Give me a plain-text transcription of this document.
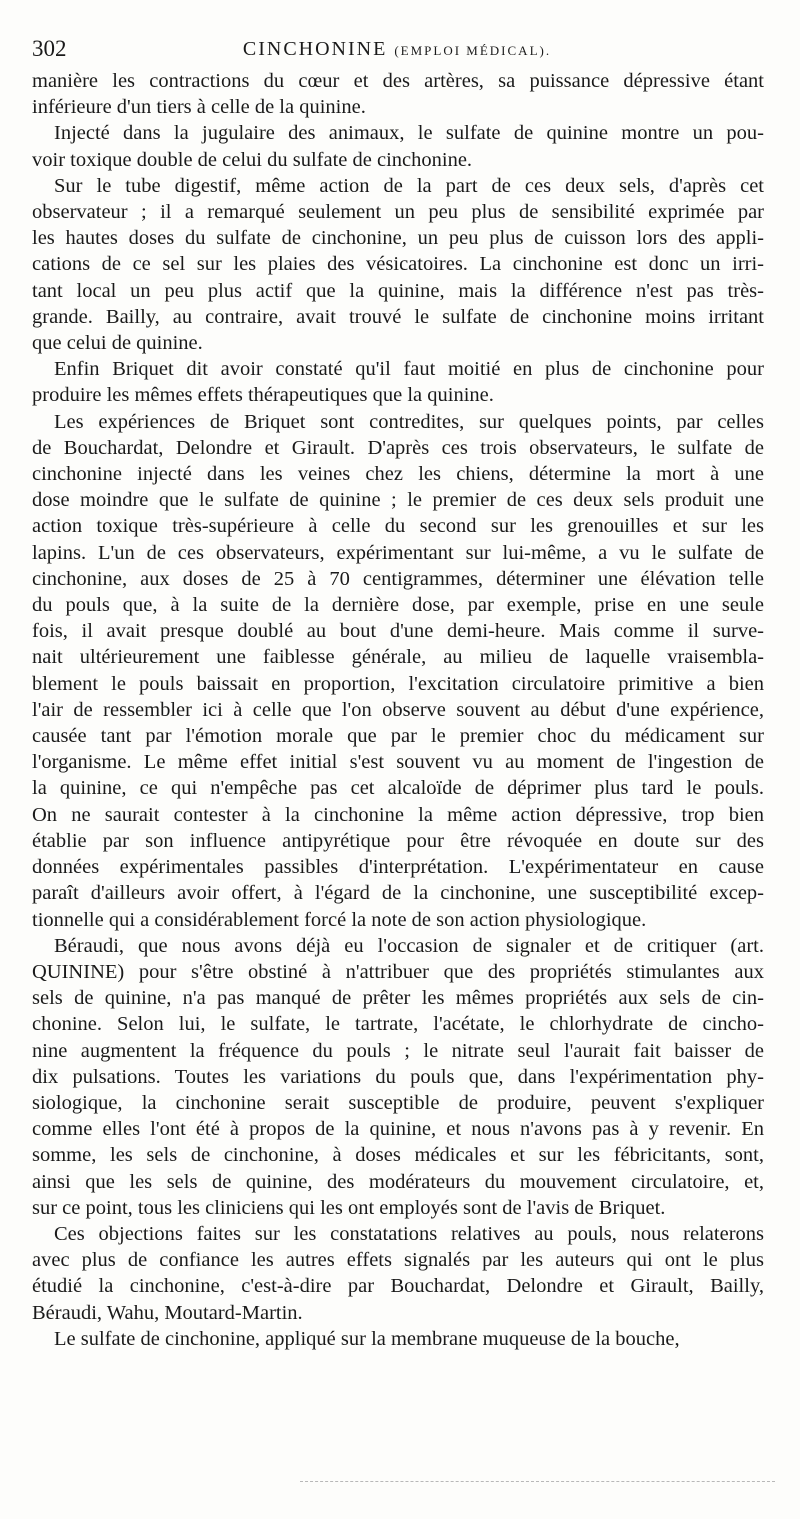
302	CINCHONINE (EMPLOI MÉDICAL).

manière les contractions du cœur et des artères, sa puissance dépressive étant
inférieure d'un tiers à celle de la quinine.

Injecté dans la jugulaire des animaux, le sulfate de quinine montre un pou-
voir toxique double de celui du sulfate de cinchonine.

Sur le tube digestif, même action de la part de ces deux sels, d'après cet
observateur ; il a remarqué seulement un peu plus de sensibilité exprimée par
les hautes doses du sulfate de cinchonine, un peu plus de cuisson lors des appli-
cations de ce sel sur les plaies des vésicatoires. La cinchonine est donc un irri-
tant local un peu plus actif que la quinine, mais la différence n'est pas très-
grande. Bailly, au contraire, avait trouvé le sulfate de cinchonine moins irritant
que celui de quinine.

Enfin Briquet dit avoir constaté qu'il faut moitié en plus de cinchonine pour
produire les mêmes effets thérapeutiques que la quinine.

Les expériences de Briquet sont contredites, sur quelques points, par celles
de Bouchardat, Delondre et Girault. D'après ces trois observateurs, le sulfate de
cinchonine injecté dans les veines chez les chiens, détermine la mort à une
dose moindre que le sulfate de quinine ; le premier de ces deux sels produit une
action toxique très-supérieure à celle du second sur les grenouilles et sur les
lapins. L'un de ces observateurs, expérimentant sur lui-même, a vu le sulfate de
cinchonine, aux doses de 25 à 70 centigrammes, déterminer une élévation telle
du pouls que, à la suite de la dernière dose, par exemple, prise en une seule
fois, il avait presque doublé au bout d'une demi-heure. Mais comme il surve-
nait ultérieurement une faiblesse générale, au milieu de laquelle vraisembla-
blement le pouls baissait en proportion, l'excitation circulatoire primitive a bien
l'air de ressembler ici à celle que l'on observe souvent au début d'une expérience,
causée tant par l'émotion morale que par le premier choc du médicament sur
l'organisme. Le même effet initial s'est souvent vu au moment de l'ingestion de
la quinine, ce qui n'empêche pas cet alcaloïde de déprimer plus tard le pouls.
On ne saurait contester à la cinchonine la même action dépressive, trop bien
établie par son influence antipyrétique pour être révoquée en doute sur des
données expérimentales passibles d'interprétation. L'expérimentateur en cause
paraît d'ailleurs avoir offert, à l'égard de la cinchonine, une susceptibilité excep-
tionnelle qui a considérablement forcé la note de son action physiologique.

Béraudi, que nous avons déjà eu l'occasion de signaler et de critiquer (art.
QUININE) pour s'être obstiné à n'attribuer que des propriétés stimulantes aux
sels de quinine, n'a pas manqué de prêter les mêmes propriétés aux sels de cin-
chonine. Selon lui, le sulfate, le tartrate, l'acétate, le chlorhydrate de cincho-
nine augmentent la fréquence du pouls ; le nitrate seul l'aurait fait baisser de
dix pulsations. Toutes les variations du pouls que, dans l'expérimentation phy-
siologique, la cinchonine serait susceptible de produire, peuvent s'expliquer
comme elles l'ont été à propos de la quinine, et nous n'avons pas à y revenir. En
somme, les sels de cinchonine, à doses médicales et sur les fébricitants, sont,
ainsi que les sels de quinine, des modérateurs du mouvement circulatoire, et,
sur ce point, tous les cliniciens qui les ont employés sont de l'avis de Briquet.

Ces objections faites sur les constatations relatives au pouls, nous relaterons
avec plus de confiance les autres effets signalés par les auteurs qui ont le plus
étudié la cinchonine, c'est-à-dire par Bouchardat, Delondre et Girault, Bailly,
Béraudi, Wahu, Moutard-Martin.

Le sulfate de cinchonine, appliqué sur la membrane muqueuse de la bouche,
